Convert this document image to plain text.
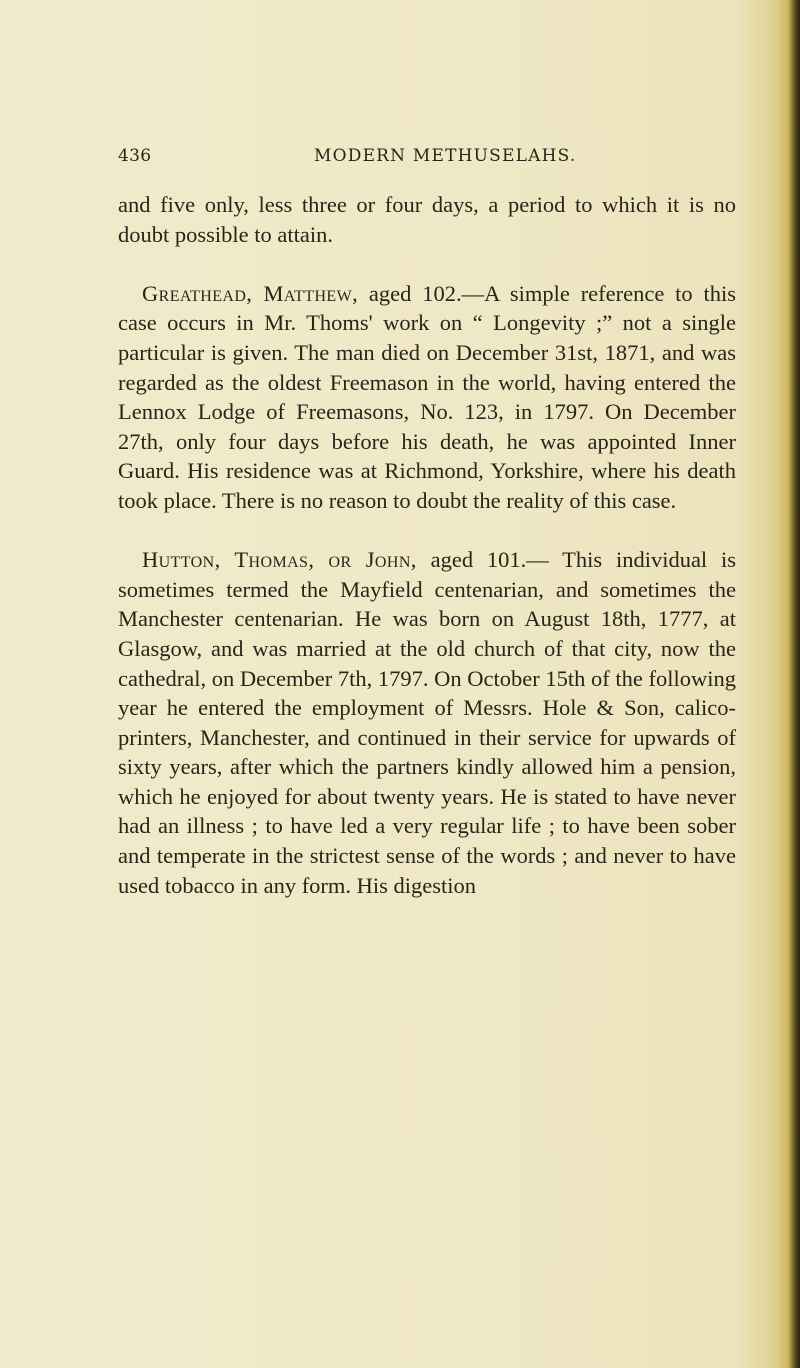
436	MODERN METHUSELAHS.

and five only, less three or four days, a period to which it is no doubt possible to attain.

Greathead, Matthew, aged 102.—A simple reference to this case occurs in Mr. Thoms' work on “ Longevity ;” not a single particular is given. The man died on December 31st, 1871, and was regarded as the oldest Freemason in the world, having entered the Lennox Lodge of Freemasons, No. 123, in 1797. On December 27th, only four days before his death, he was appointed Inner Guard. His residence was at Richmond, Yorkshire, where his death took place. There is no reason to doubt the reality of this case.

Hutton, Thomas, or John, aged 101.— This individual is sometimes termed the Mayfield centenarian, and sometimes the Manchester centenarian. He was born on August 18th, 1777, at Glasgow, and was married at the old church of that city, now the cathedral, on December 7th, 1797. On October 15th of the following year he entered the employment of Messrs. Hole & Son, calico-printers, Manchester, and continued in their service for upwards of sixty years, after which the partners kindly allowed him a pension, which he enjoyed for about twenty years. He is stated to have never had an illness ; to have led a very regular life ; to have been sober and temperate in the strictest sense of the words ; and never to have used tobacco in any form. His digestion
